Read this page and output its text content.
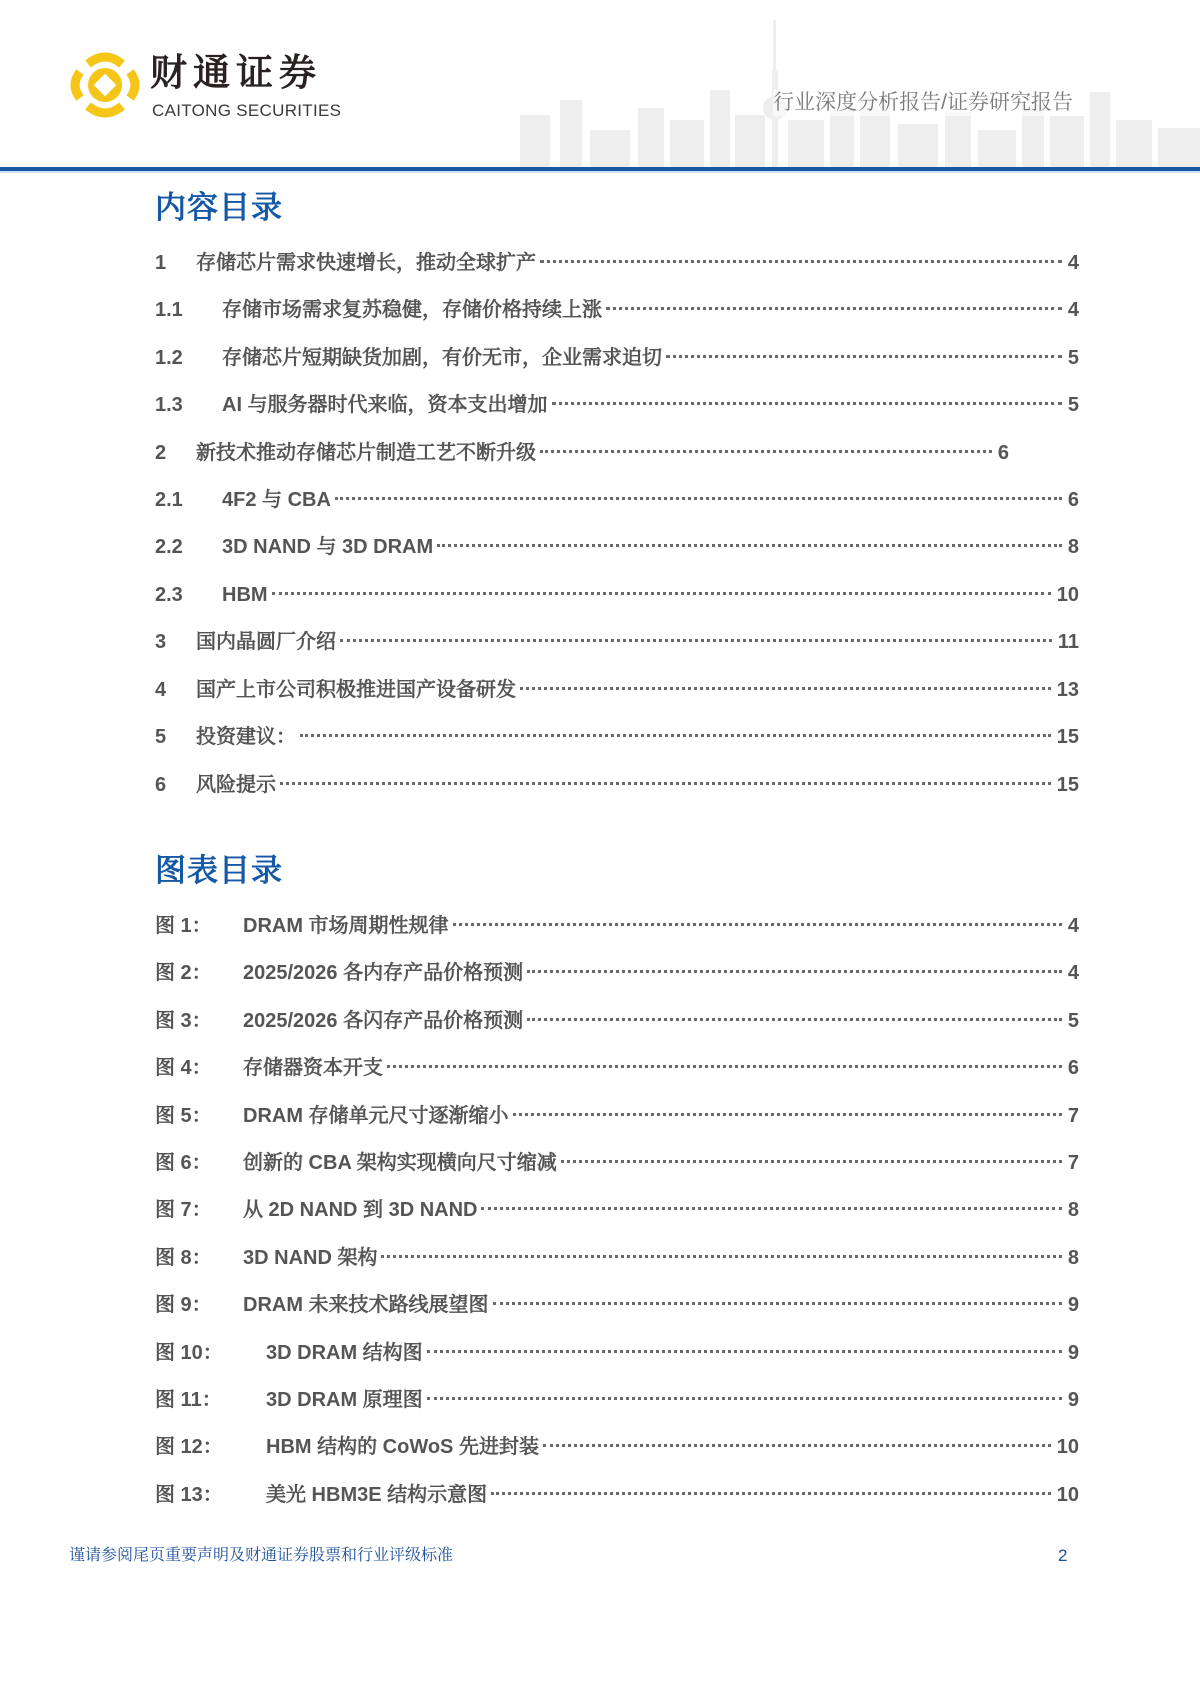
财通证券
CAITONG SECURITIES	行业深度分析报告/证券研究报告
内容目录
1 存储芯片需求快速增长，推动全球扩产	4
1.1 存储市场需求复苏稳健，存储价格持续上涨	4
1.2 存储芯片短期缺货加剧，有价无市，企业需求迫切	5
1.3 AI 与服务器时代来临，资本支出增加	5
2 新技术推动存储芯片制造工艺不断升级	6
2.1 4F2 与 CBA	6
2.2 3D NAND 与 3D DRAM	8
2.3 HBM	10
3 国内晶圆厂介绍	11
4 国产上市公司积极推进国产设备研发	13
5 投资建议：	15
6 风险提示	15
图表目录
图 1： DRAM 市场周期性规律	4
图 2： 2025/2026 各内存产品价格预测	4
图 3： 2025/2026 各闪存产品价格预测	5
图 4： 存储器资本开支	6
图 5： DRAM 存储单元尺寸逐渐缩小	7
图 6： 创新的 CBA 架构实现横向尺寸缩减	7
图 7： 从 2D NAND 到 3D NAND	8
图 8： 3D NAND 架构	8
图 9： DRAM 未来技术路线展望图	9
图 10： 3D DRAM 结构图	9
图 11： 3D DRAM 原理图	9
图 12： HBM 结构的 CoWoS 先进封装	10
图 13： 美光 HBM3E 结构示意图	10
谨请参阅尾页重要声明及财通证券股票和行业评级标准	2
